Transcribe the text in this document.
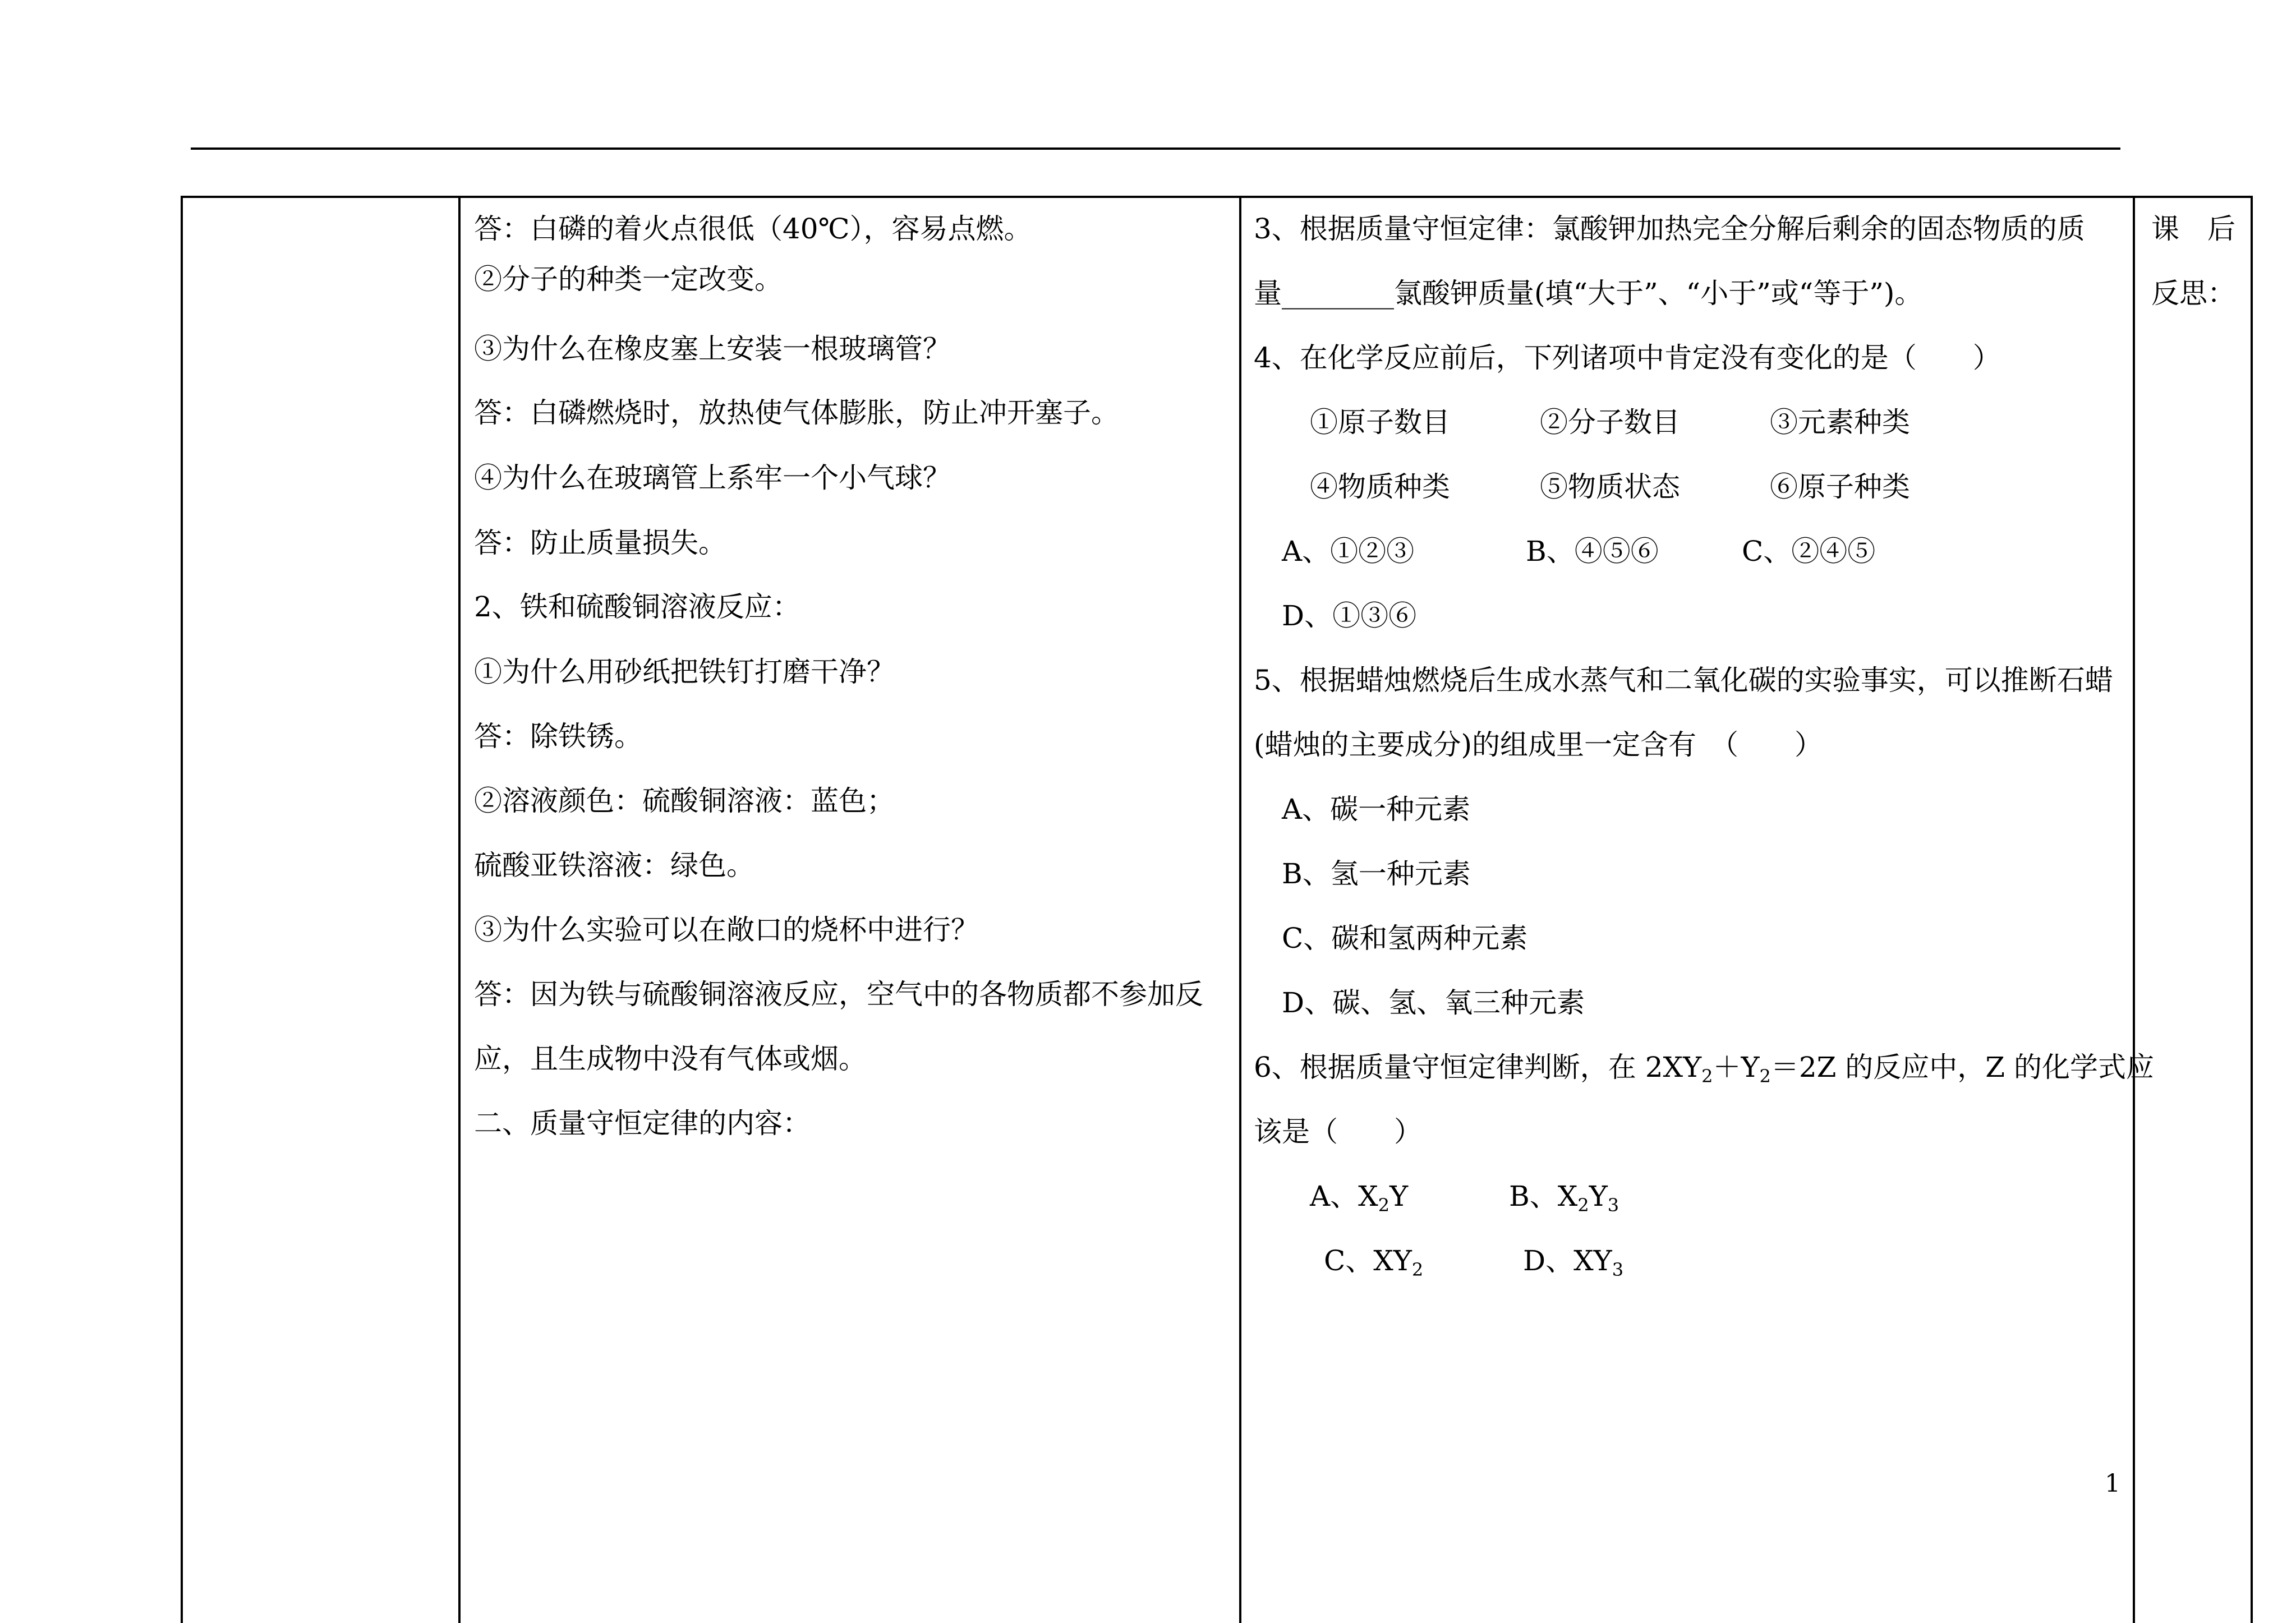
答：白磷的着火点很低（40℃），容易点燃。
②分子的种类一定改变。
③为什么在橡皮塞上安装一根玻璃管？
答：白磷燃烧时，放热使气体膨胀，防止冲开塞子。
④为什么在玻璃管上系牢一个小气球？
答：防止质量损失。
2、铁和硫酸铜溶液反应：
①为什么用砂纸把铁钉打磨干净？
答：除铁锈。
②溶液颜色：硫酸铜溶液：蓝色；
硫酸亚铁溶液：绿色。
③为什么实验可以在敞口的烧杯中进行？
答：因为铁与硫酸铜溶液反应，空气中的各物质都不参加反
应，且生成物中没有气体或烟。
二、质量守恒定律的内容：
3、根据质量守恒定律：氯酸钾加热完全分解后剩余的固态物质的质
量________氯酸钾质量(填“大于”、“小于”或“等于”)。
4、在化学反应前后，下列诸项中肯定没有变化的是（　　）
①原子数目	②分子数目	③元素种类
④物质种类	⑤物质状态	⑥原子种类
A、①②③	B、④⑤⑥	C、②④⑤
D、①③⑥
5、根据蜡烛燃烧后生成水蒸气和二氧化碳的实验事实，可以推断石蜡
(蜡烛的主要成分)的组成里一定含有　（　　）
A、碳一种元素
B、氢一种元素
C、碳和氢两种元素
D、碳、氢、氧三种元素
6、根据质量守恒定律判断，在 $2XY_2+Y_2=2Z$ 的反应中，Z 的化学式应
该是（　　）
A、$X_2Y$	B、$X_2Y_3$
C、$XY_2$	D、$XY_3$
课　后
反思：
1
